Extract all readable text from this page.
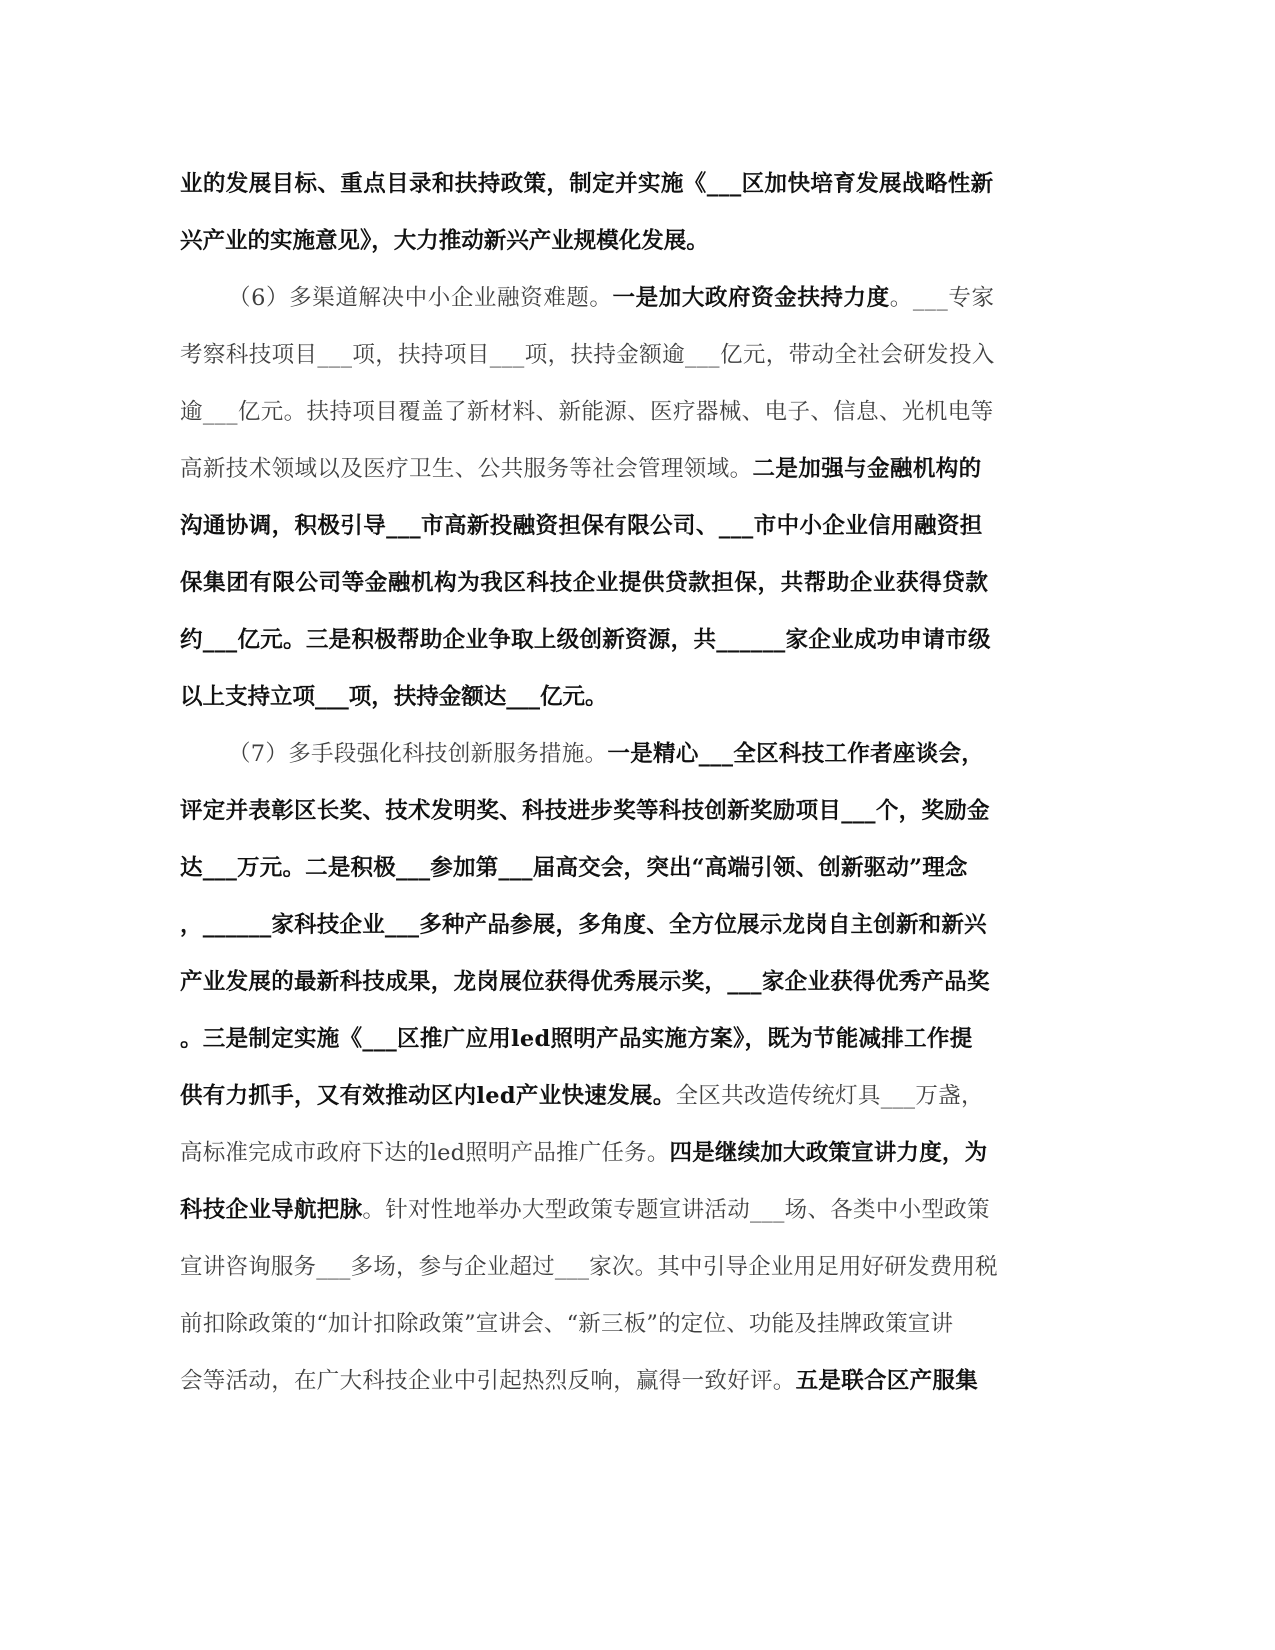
业的发展目标、重点目录和扶持政策，制定并实施《___区加快培育发展战略性新
兴产业的实施意见》，大力推动新兴产业规模化发展。
（6）多渠道解决中小企业融资难题。一是加大政府资金扶持力度。___专家
考察科技项目___项，扶持项目___项，扶持金额逾___亿元，带动全社会研发投入
逾___亿元。扶持项目覆盖了新材料、新能源、医疗器械、电子、信息、光机电等
高新技术领域以及医疗卫生、公共服务等社会管理领域。二是加强与金融机构的
沟通协调，积极引导___市高新投融资担保有限公司、___市中小企业信用融资担
保集团有限公司等金融机构为我区科技企业提供贷款担保，共帮助企业获得贷款
约___亿元。三是积极帮助企业争取上级创新资源，共______家企业成功申请市级
以上支持立项___项，扶持金额达___亿元。
（7）多手段强化科技创新服务措施。一是精心___全区科技工作者座谈会，
评定并表彰区长奖、技术发明奖、科技进步奖等科技创新奖励项目___个，奖励金
达___万元。二是积极___参加第___届高交会，突出“高端引领、创新驱动”理念
，______家科技企业___多种产品参展，多角度、全方位展示龙岗自主创新和新兴
产业发展的最新科技成果，龙岗展位获得优秀展示奖，___家企业获得优秀产品奖
。三是制定实施《___区推广应用led照明产品实施方案》，既为节能减排工作提
供有力抓手，又有效推动区内led产业快速发展。全区共改造传统灯具___万盏，
高标准完成市政府下达的led照明产品推广任务。四是继续加大政策宣讲力度，为
科技企业导航把脉。针对性地举办大型政策专题宣讲活动___场、各类中小型政策
宣讲咨询服务___多场，参与企业超过___家次。其中引导企业用足用好研发费用税
前扣除政策的“加计扣除政策”宣讲会、“新三板”的定位、功能及挂牌政策宣讲
会等活动，在广大科技企业中引起热烈反响，赢得一致好评。五是联合区产服集
